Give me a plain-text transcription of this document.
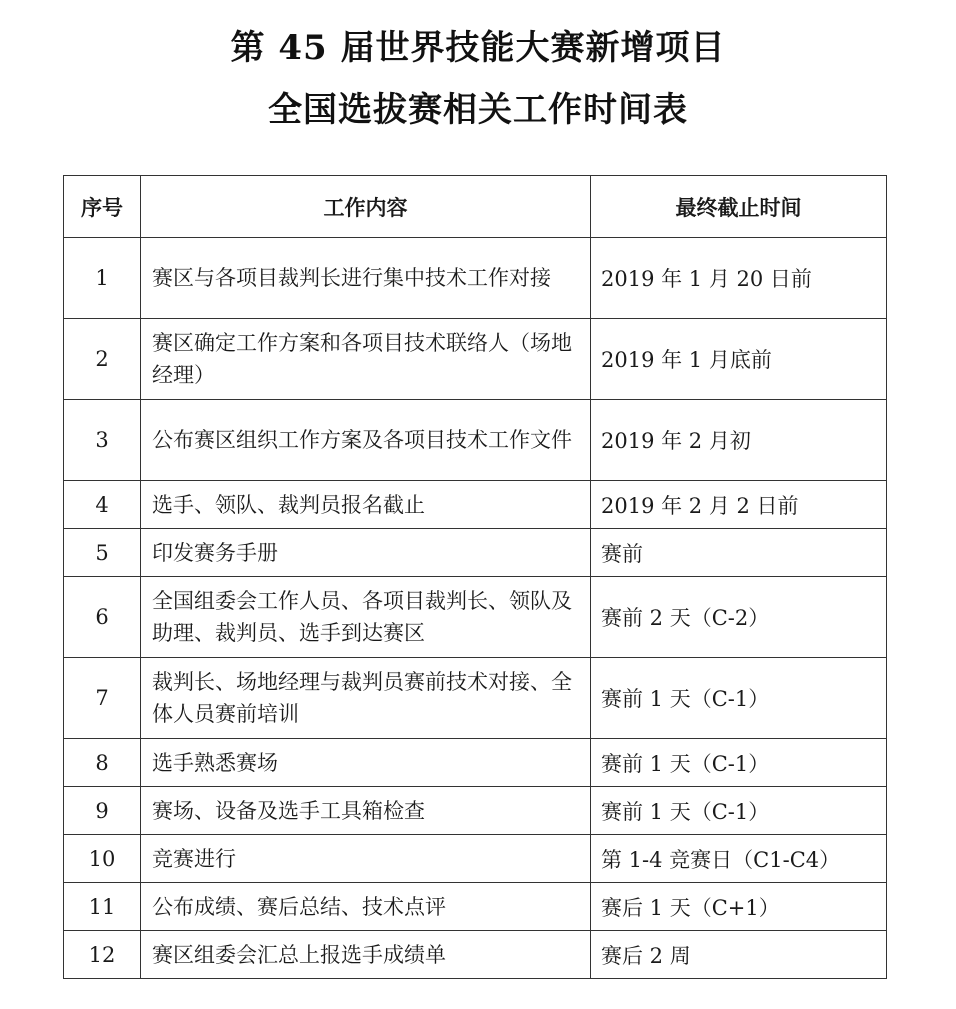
第 45 届世界技能大赛新增项目
全国选拔赛相关工作时间表
序号	工作内容	最终截止时间
1	赛区与各项目裁判长进行集中技术工作对接	2019 年 1 月 20 日前
2	赛区确定工作方案和各项目技术联络人（场地经理）	2019 年 1 月底前
3	公布赛区组织工作方案及各项目技术工作文件	2019 年 2 月初
4	选手、领队、裁判员报名截止	2019 年 2 月 2 日前
5	印发赛务手册	赛前
6	全国组委会工作人员、各项目裁判长、领队及助理、裁判员、选手到达赛区	赛前 2 天（C-2）
7	裁判长、场地经理与裁判员赛前技术对接、全体人员赛前培训	赛前 1 天（C-1）
8	选手熟悉赛场	赛前 1 天（C-1）
9	赛场、设备及选手工具箱检查	赛前 1 天（C-1）
10	竞赛进行	第 1-4 竞赛日（C1-C4）
11	公布成绩、赛后总结、技术点评	赛后 1 天（C+1）
12	赛区组委会汇总上报选手成绩单	赛后 2 周
